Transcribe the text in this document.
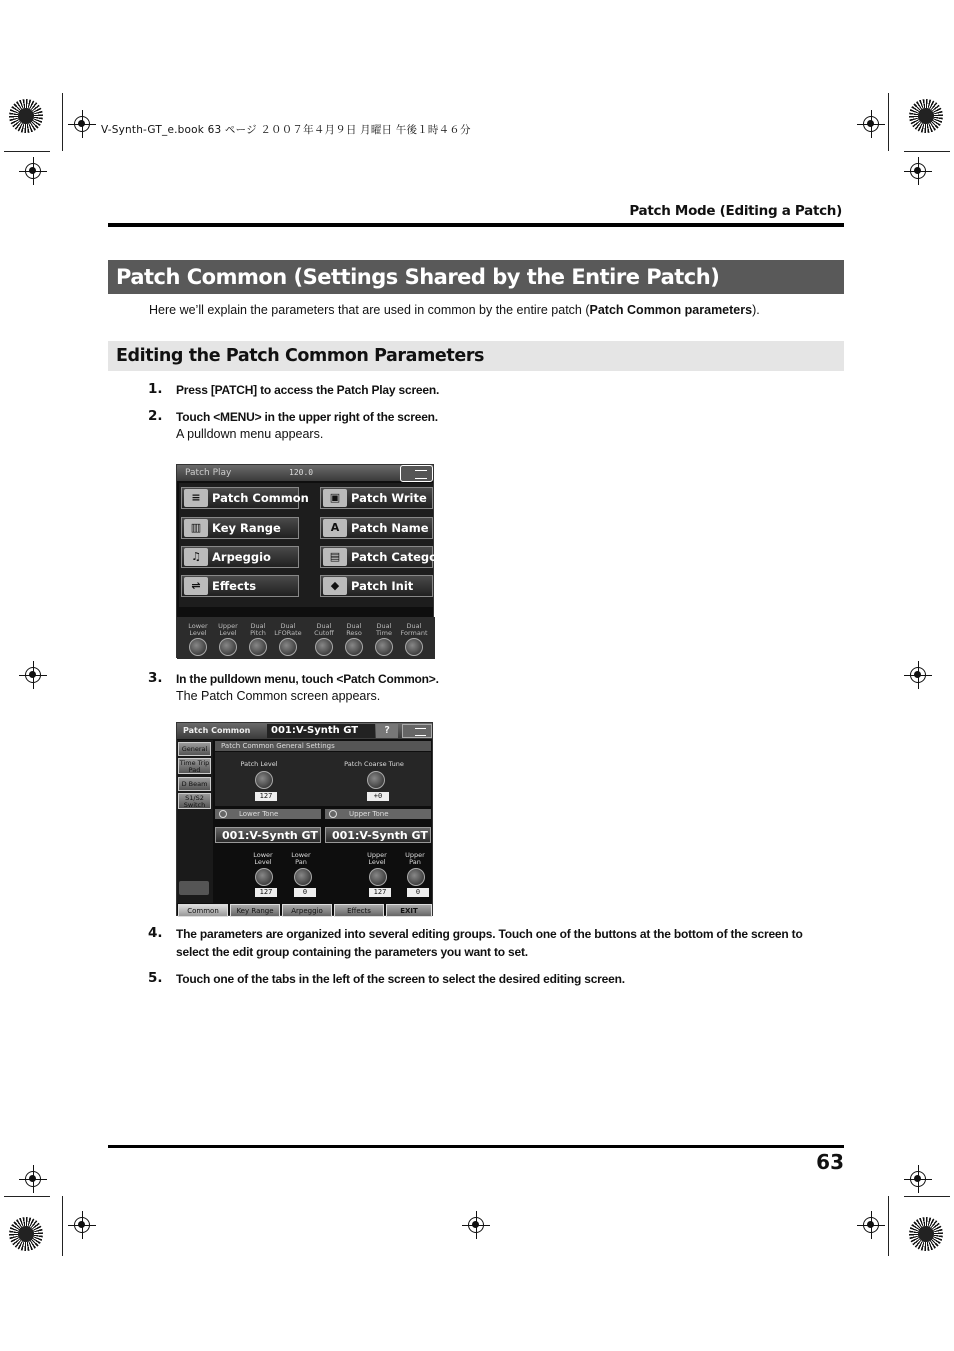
V-Synth-GT_e.book 63 ページ ２００７年４月９日 月曜日 午後１時４６分
Patch Mode (Editing a Patch)
Patch Common (Settings Shared by the Entire Patch)
Here we’ll explain the parameters that are used in common by the entire patch (Patch Common parameters).
Editing the Patch Common Parameters
1. Press [PATCH] to access the Patch Play screen.
2. Touch <MENU> in the upper right of the screen.
A pulldown menu appears.
Patch Play	120.0
≡ Patch Common
▥ Key Range
♫ Arpeggio
⇌ Effects
▣ Patch Write
A	Patch Name
▤ Patch Category
◆	Patch Init
Lower Level
Upper Level
Dual Pitch
Dual LFORate
Dual Cutoff
Dual Reso
Dual Time
Dual Formant
3. In the pulldown menu, touch <Patch Common>.
The Patch Common screen appears.
Patch Common	001:V-Synth GT	?
General
Time Trip Pad
D Beam
S1/S2 Switch
Patch Common General Settings
Patch Level
127
Patch Coarse Tune
+0
Lower Tone	Upper Tone
001:V-Synth GT	001:V-Synth GT
Lower Level
Lower Pan
127	0
Upper Level
Upper Pan
127	0
Common	Key Range	Arpeggio	Effects	EXIT
4. The parameters are organized into several editing groups. Touch one of the buttons at the bottom of the screen to select the edit group containing the parameters you want to set.
5. Touch one of the tabs in the left of the screen to select the desired editing screen.
63
